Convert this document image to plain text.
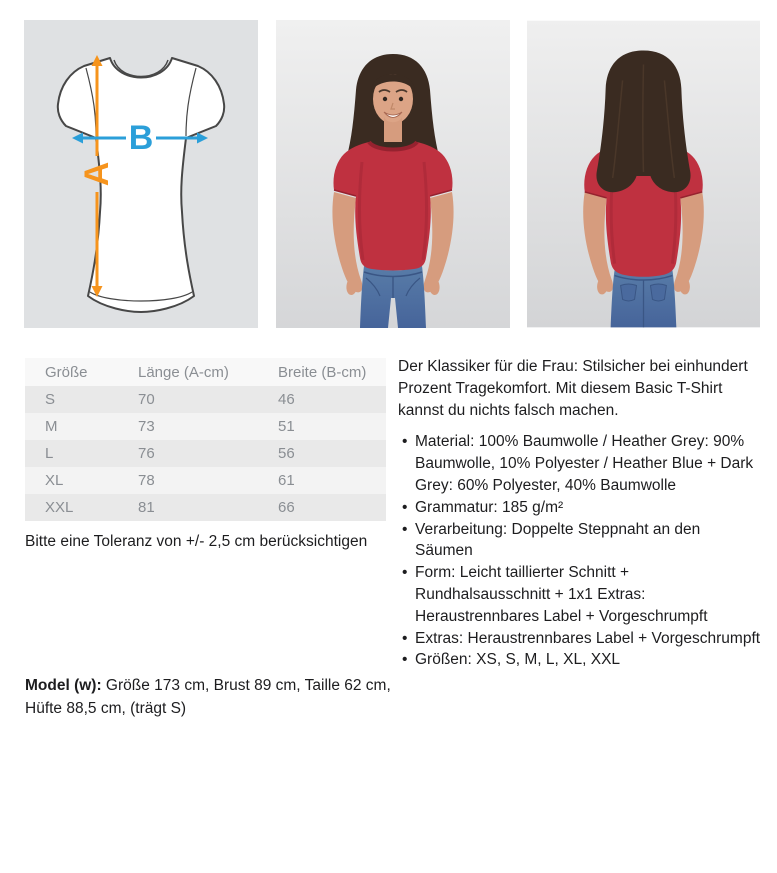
A
B
Größe	Länge (A-cm)	Breite (B-cm)
S	70	46
M	73	51
L	76	56
XL	78	61
XXL	81	66
Bitte eine Toleranz von +/- 2,5 cm berücksichtigen
Model (w): Größe 173 cm, Brust 89 cm, Taille 62 cm, Hüfte 88,5 cm, (trägt S)

Der Klassiker für die Frau: Stilsicher bei einhundert Prozent Tragekomfort. Mit diesem Basic T-Shirt kannst du nichts falsch machen.

• Material: 100% Baumwolle / Heather Grey: 90% Baumwolle, 10% Polyester / Heather Blue + Dark Grey: 60% Polyester, 40% Baumwolle
• Grammatur: 185 g/m²
• Verarbeitung: Doppelte Steppnaht an den Säumen
• Form: Leicht taillierter Schnitt + Rundhalsausschnitt + 1x1 Extras: Heraustrennbares Label + Vorgeschrumpft
• Extras: Heraustrennbares Label + Vorgeschrumpft
• Größen: XS, S, M, L, XL, XXL
